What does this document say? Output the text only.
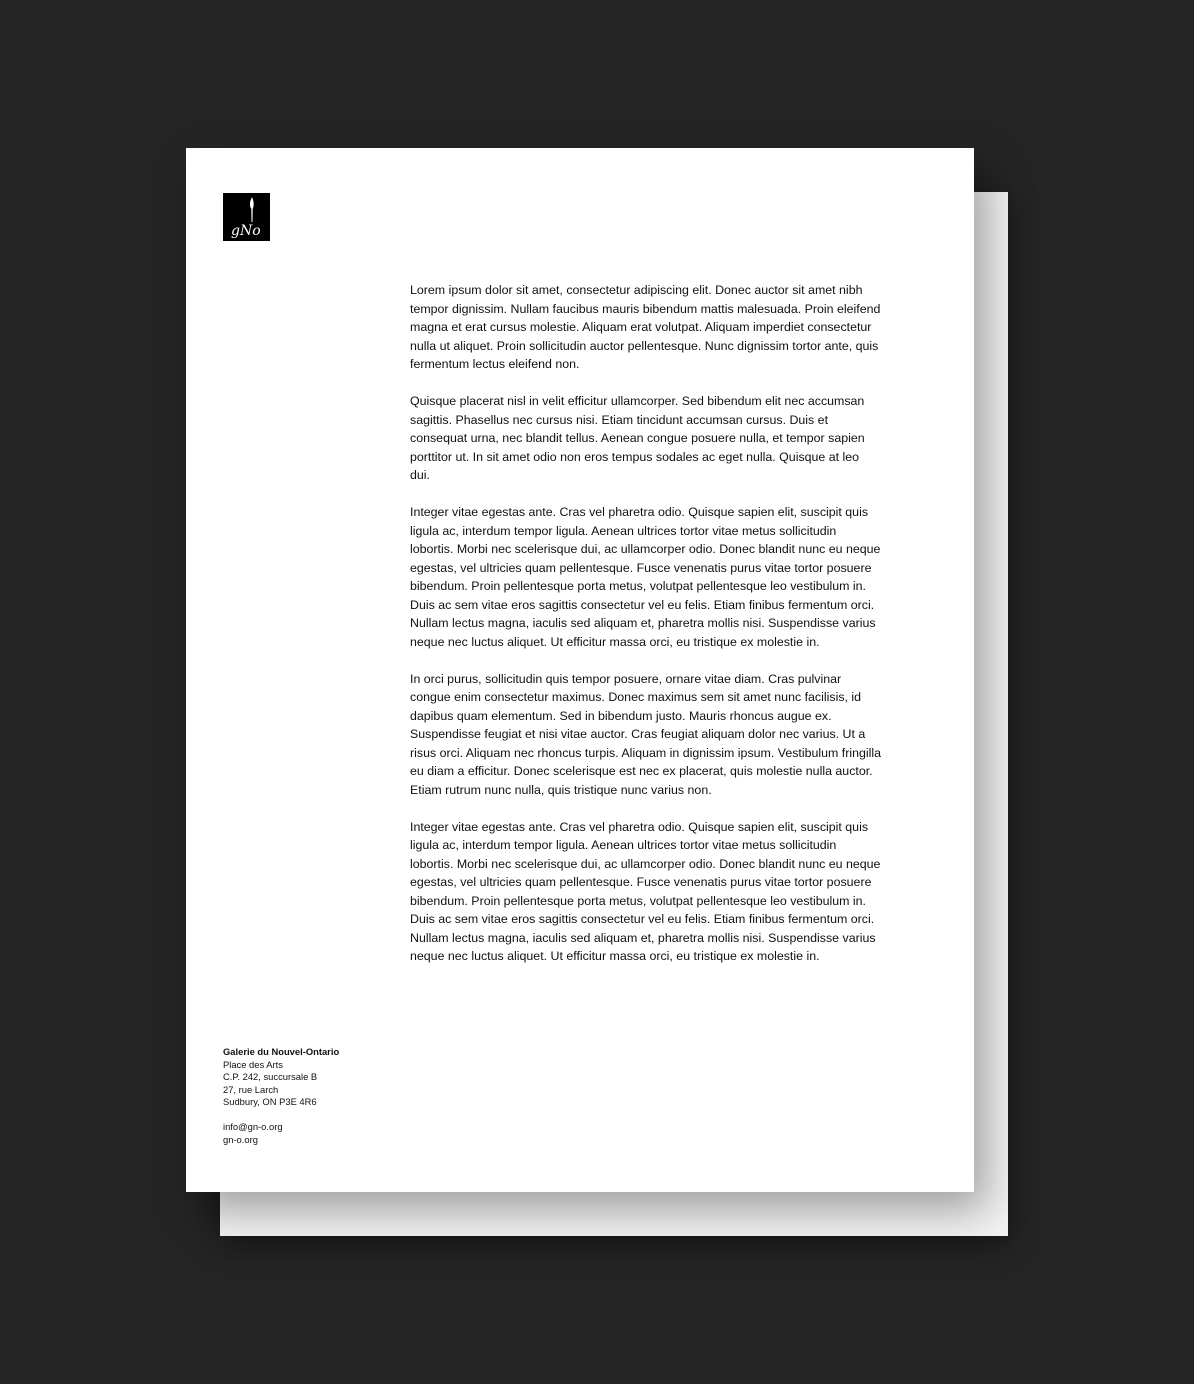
gNo

Lorem ipsum dolor sit amet, consectetur adipiscing elit. Donec auctor sit amet nibh tempor dignissim. Nullam faucibus mauris bibendum mattis malesuada. Proin eleifend magna et erat cursus molestie. Aliquam erat volutpat. Aliquam imperdiet consectetur nulla ut aliquet. Proin sollicitudin auctor pellentesque. Nunc dignissim tortor ante, quis fermentum lectus eleifend non.

Quisque placerat nisl in velit efficitur ullamcorper. Sed bibendum elit nec accumsan sagittis. Phasellus nec cursus nisi. Etiam tincidunt accumsan cursus. Duis et consequat urna, nec blandit tellus. Aenean congue posuere nulla, et tempor sapien porttitor ut. In sit amet odio non eros tempus sodales ac eget nulla. Quisque at leo dui.

Integer vitae egestas ante. Cras vel pharetra odio. Quisque sapien elit, suscipit quis ligula ac, interdum tempor ligula. Aenean ultrices tortor vitae metus sollicitudin lobortis. Morbi nec scelerisque dui, ac ullamcorper odio. Donec blandit nunc eu neque egestas, vel ultricies quam pellentesque. Fusce venenatis purus vitae tortor posuere bibendum. Proin pellentesque porta metus, volutpat pellentesque leo vestibulum in. Duis ac sem vitae eros sagittis consectetur vel eu felis. Etiam finibus fermentum orci. Nullam lectus magna, iaculis sed aliquam et, pharetra mollis nisi. Suspendisse varius neque nec luctus aliquet. Ut efficitur massa orci, eu tristique ex molestie in.

In orci purus, sollicitudin quis tempor posuere, ornare vitae diam. Cras pulvinar congue enim consectetur maximus. Donec maximus sem sit amet nunc facilisis, id dapibus quam elementum. Sed in bibendum justo. Mauris rhoncus augue ex. Suspendisse feugiat et nisi vitae auctor. Cras feugiat aliquam dolor nec varius. Ut a risus orci. Aliquam nec rhoncus turpis. Aliquam in dignissim ipsum. Vestibulum fringilla eu diam a efficitur. Donec scelerisque est nec ex placerat, quis molestie nulla auctor. Etiam rutrum nunc nulla, quis tristique nunc varius non.

Integer vitae egestas ante. Cras vel pharetra odio. Quisque sapien elit, suscipit quis ligula ac, interdum tempor ligula. Aenean ultrices tortor vitae metus sollicitudin lobortis. Morbi nec scelerisque dui, ac ullamcorper odio. Donec blandit nunc eu neque egestas, vel ultricies quam pellentesque. Fusce venenatis purus vitae tortor posuere bibendum. Proin pellentesque porta metus, volutpat pellentesque leo vestibulum in. Duis ac sem vitae eros sagittis consectetur vel eu felis. Etiam finibus fermentum orci. Nullam lectus magna, iaculis sed aliquam et, pharetra mollis nisi. Suspendisse varius neque nec luctus aliquet. Ut efficitur massa orci, eu tristique ex molestie in.

Galerie du Nouvel-Ontario
Place des Arts
C.P. 242, succursale B
27, rue Larch
Sudbury, ON P3E 4R6
info@gn-o.org
gn-o.org
